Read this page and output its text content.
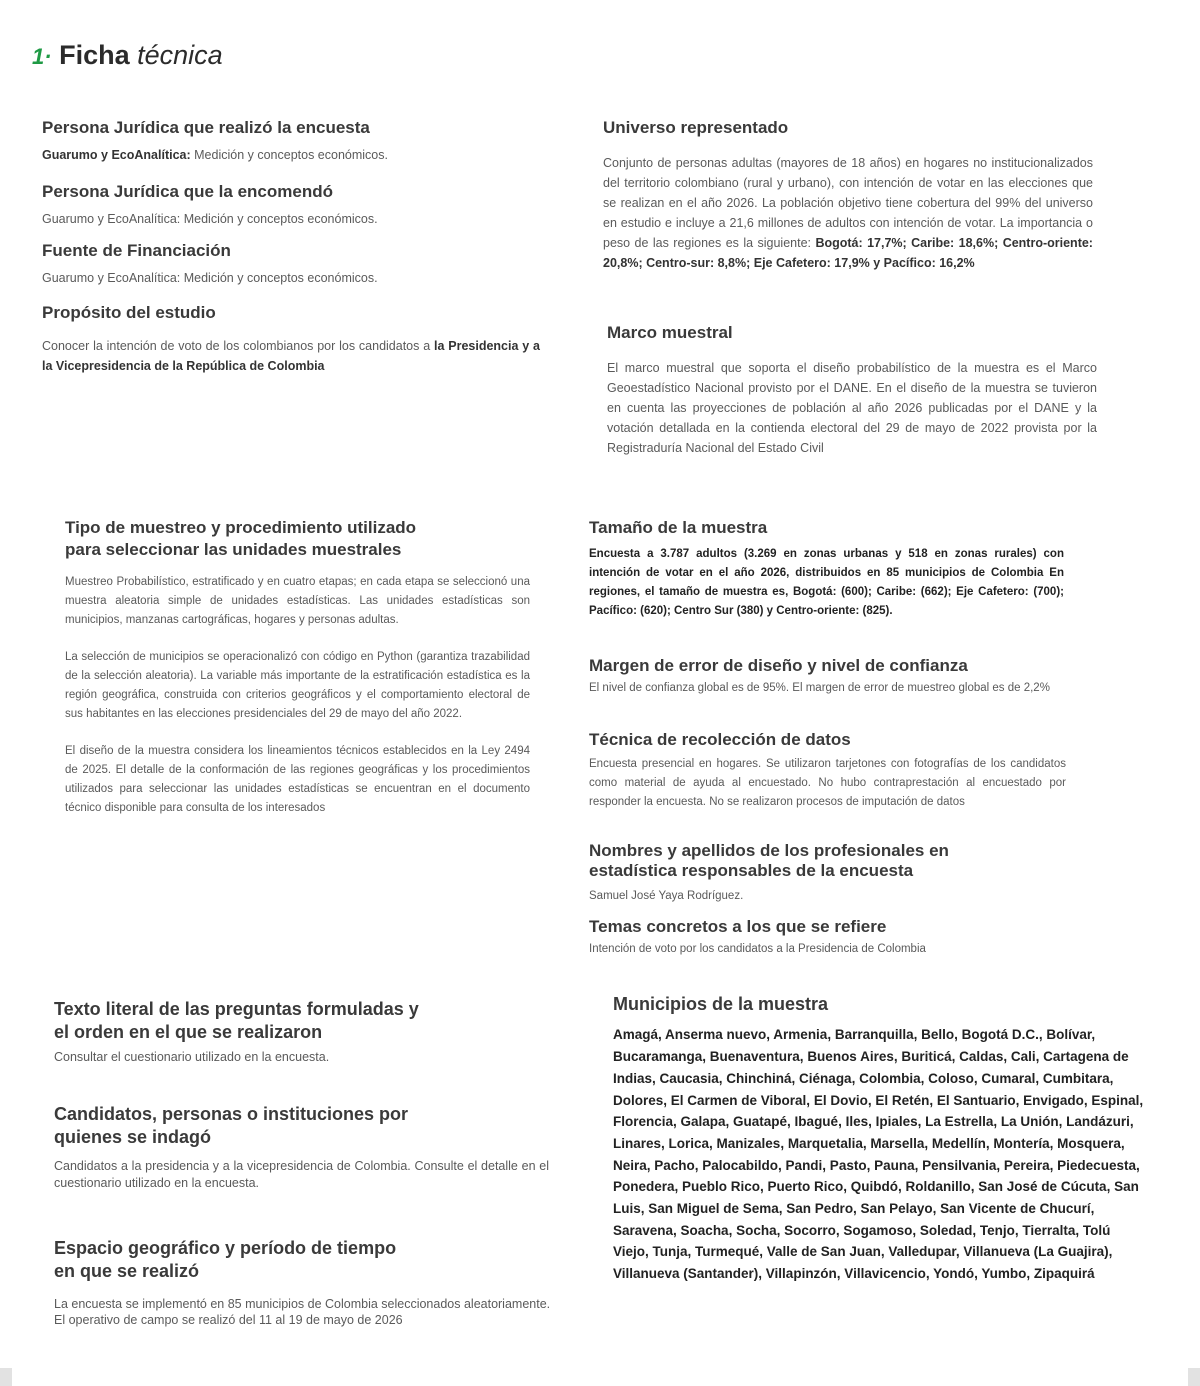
1· Ficha técnica
Persona Jurídica que realizó la encuesta

Guarumo y EcoAnalítica: Medición y conceptos económicos.

Persona Jurídica que la encomendó

Guarumo y EcoAnalítica: Medición y conceptos económicos.

Fuente de Financiación

Guarumo y EcoAnalítica: Medición y conceptos económicos.

Propósito del estudio

Conocer la intención de voto de los colombianos por los candidatos a la Presidencia y a la Vicepresidencia de la República de Colombia

Tipo de muestreo y procedimiento utilizado
para seleccionar las unidades muestrales

Muestreo Probabilístico, estratificado y en cuatro etapas; en cada etapa se seleccionó una muestra aleatoria simple de unidades estadísticas. Las unidades estadísticas son municipios, manzanas cartográficas, hogares y personas adultas.

La selección de municipios se operacionalizó con código en Python (garantiza trazabilidad de la selección aleatoria). La variable más importante de la estratificación estadística es la región geográfica, construida con criterios geográficos y el comportamiento electoral de sus habitantes en las elecciones presidenciales del 29 de mayo del año 2022.

El diseño de la muestra considera los lineamientos técnicos establecidos en la Ley 2494 de 2025. El detalle de la conformación de las regiones geográficas y los procedimientos utilizados para seleccionar las unidades estadísticas se encuentran en el documento técnico disponible para consulta de los interesados

Texto literal de las preguntas formuladas y
el orden en el que se realizaron

Consultar el cuestionario utilizado en la encuesta.

Candidatos, personas o instituciones por
quienes se indagó

Candidatos a la presidencia y a la vicepresidencia de Colombia. Consulte el detalle en el cuestionario utilizado en la encuesta.

Espacio geográfico y período de tiempo
en que se realizó

La encuesta se implementó en 85 municipios de Colombia seleccionados aleatoriamente. El operativo de campo se realizó del 11 al 19 de mayo de 2026

Universo representado

Conjunto de personas adultas (mayores de 18 años) en hogares no institucionalizados del territorio colombiano (rural y urbano), con intención de votar en las elecciones que se realizan en el año 2026. La población objetivo tiene cobertura del 99% del universo en estudio e incluye a 21,6 millones de adultos con intención de votar. La importancia o peso de las regiones es la siguiente: Bogotá: 17,7%; Caribe: 18,6%; Centro-oriente: 20,8%; Centro-sur: 8,8%; Eje Cafetero: 17,9% y Pacífico: 16,2%

Marco muestral

El marco muestral que soporta el diseño probabilístico de la muestra es el Marco Geoestadístico Nacional provisto por el DANE. En el diseño de la muestra se tuvieron en cuenta las proyecciones de población al año 2026 publicadas por el DANE y la votación detallada en la contienda electoral del 29 de mayo de 2022 provista por la Registraduría Nacional del Estado Civil

Tamaño de la muestra

Encuesta a 3.787 adultos (3.269 en zonas urbanas y 518 en zonas rurales) con intención de votar en el año 2026, distribuidos en 85 municipios de Colombia En regiones, el tamaño de muestra es, Bogotá: (600); Caribe: (662); Eje Cafetero: (700); Pacífico: (620); Centro Sur (380) y Centro-oriente: (825).

Margen de error de diseño y nivel de confianza

El nivel de confianza global es de 95%. El margen de error de muestreo global es de 2,2%

Técnica de recolección de datos

Encuesta presencial en hogares. Se utilizaron tarjetones con fotografías de los candidatos como material de ayuda al encuestado. No hubo contraprestación al encuestado por responder la encuesta. No se realizaron procesos de imputación de datos

Nombres y apellidos de los profesionales en
estadística responsables de la encuesta

Samuel José Yaya Rodríguez.

Temas concretos a los que se refiere

Intención de voto por los candidatos a la Presidencia de Colombia

Municipios de la muestra

Amagá, Anserma nuevo, Armenia, Barranquilla, Bello, Bogotá D.C., Bolívar, Bucaramanga, Buenaventura, Buenos Aires, Buriticá, Caldas, Cali, Cartagena de Indias, Caucasia, Chinchiná, Ciénaga, Colombia, Coloso, Cumaral, Cumbitara, Dolores, El Carmen de Viboral, El Dovio, El Retén, El Santuario, Envigado, Espinal, Florencia, Galapa, Guatapé, Ibagué, Iles, Ipiales, La Estrella, La Unión, Landázuri, Linares, Lorica, Manizales, Marquetalia, Marsella, Medellín, Montería, Mosquera, Neira, Pacho, Palocabildo, Pandi, Pasto, Pauna, Pensilvania, Pereira, Piedecuesta, Ponedera, Pueblo Rico, Puerto Rico, Quibdó, Roldanillo, San José de Cúcuta, San Luis, San Miguel de Sema, San Pedro, San Pelayo, San Vicente de Chucurí, Saravena, Soacha, Socha, Socorro, Sogamoso, Soledad, Tenjo, Tierralta, Tolú Viejo, Tunja, Turmequé, Valle de San Juan, Valledupar, Villanueva (La Guajira), Villanueva (Santander), Villapinzón, Villavicencio, Yondó, Yumbo, Zipaquirá
